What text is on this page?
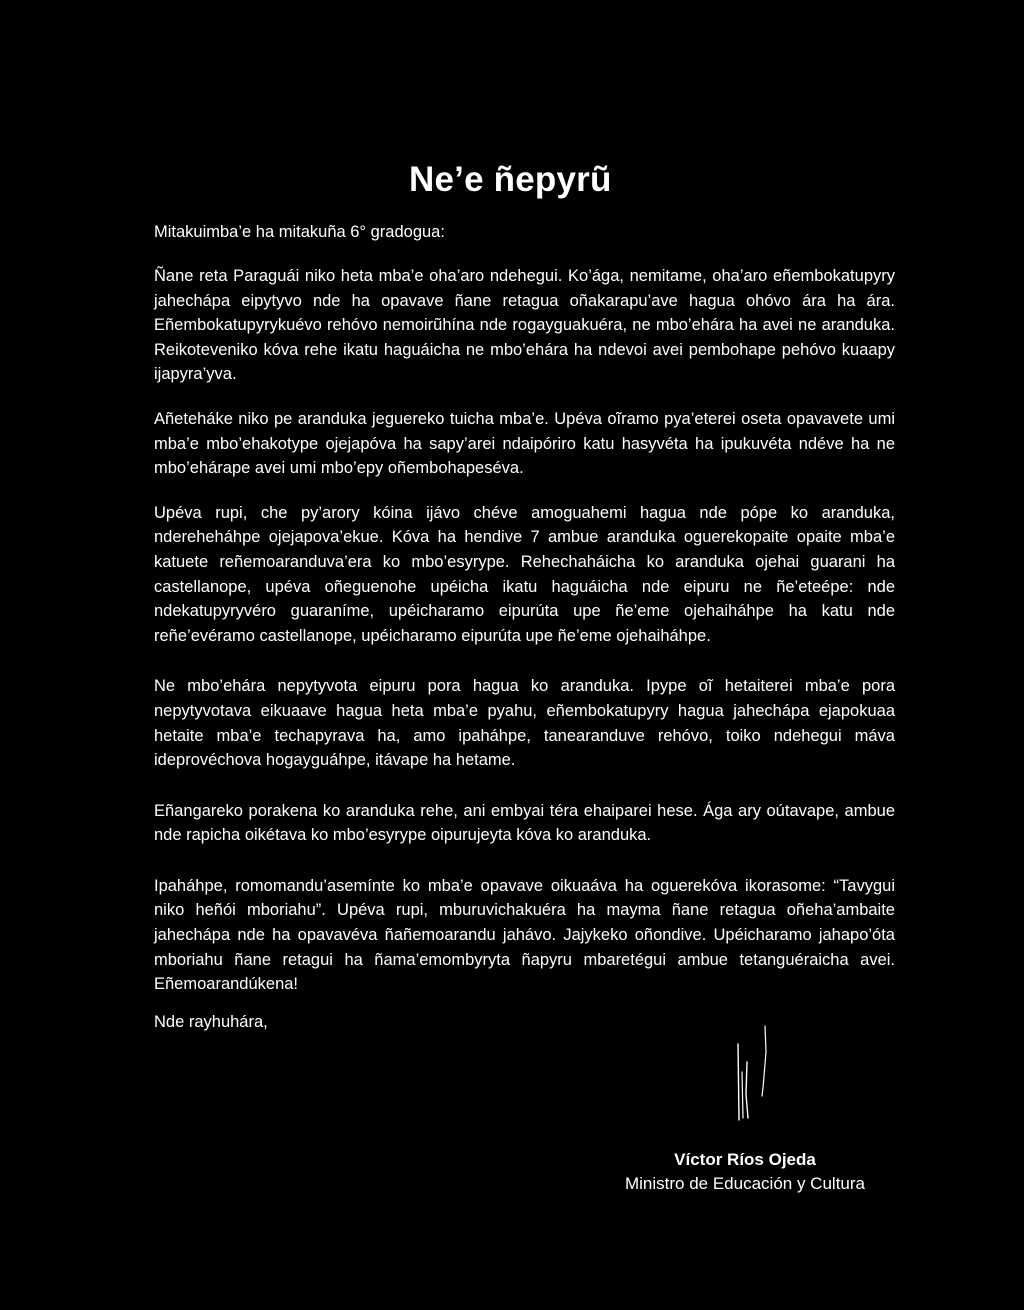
Ne’e ñepyrũ

Mitakuimba’e ha mitakuña 6° gradogua:

Ñane reta Paraguái niko heta mba’e oha’aro ndehegui. Ko’ága, nemitame, oha’aro eñembokatupyry jahechápa eipytyvo nde ha opavave ñane retagua oñakarapu’ave hagua ohóvo ára ha ára. Eñembokatupyrykuévo rehóvo nemoirũhína nde rogayguakuéra, ne mbo’ehára ha avei ne aranduka. Reikoteveniko kóva rehe ikatu haguáicha ne mbo’ehára ha ndevoi avei pembohape pehóvo kuaapy ijapyra’yva.

Añeteháke niko pe aranduka jeguereko tuicha mba’e. Upéva oĩramo pya’eterei oseta opavavete umi mba’e mbo’ehakotype ojejapóva ha sapy’arei ndaipóriro katu hasyvéta ha ipukuvéta ndéve ha ne mbo’ehárape avei umi mbo’epy oñembohapeséva.

Upéva rupi, che py’arory kóina ijávo chéve amoguahemi hagua nde pópe ko aranduka, ndereheháhpe ojejapova’ekue. Kóva ha hendive 7 ambue aranduka oguerekopaite opaite mba’e katuete reñemoaranduva’era ko mbo’esyrype. Rehechaháicha ko aranduka ojehai guarani ha castellanope, upéva oñeguenohe upéicha ikatu haguáicha nde eipuru ne ñe’eteépe: nde ndekatupyryvéro guaraníme, upéicharamo eipurúta upe ñe’eme ojehaiháhpe ha katu nde reñe’evéramo castellanope, upéicharamo eipurúta upe ñe’eme ojehaiháhpe.

Ne mbo’ehára nepytyvota eipuru pora hagua ko aranduka. Ipype oĩ hetaiterei mba’e pora nepytyvotava eikuaave hagua heta mba’e pyahu, eñembokatupyry hagua jahechápa ejapokuaa hetaite mba’e techapyrava ha, amo ipaháhpe, tanearanduve rehóvo, toiko ndehegui máva ideprovéchova hogayguáhpe, itávape ha hetame.

Eñangareko porakena ko aranduka rehe, ani embyai téra ehaiparei hese. Ága ary oútavape, ambue nde rapicha oikétava ko mbo’esyrype oipurujeyta kóva ko aranduka.

Ipaháhpe, romomandu’asemínte ko mba’e opavave oikuaáva ha oguerekóva ikorasome: “Tavygui niko heñói mboriahu”. Upéva rupi, mburuvichakuéra ha mayma ñane retagua oñeha’ambaite jahechápa nde ha opavavéva ñañemoarandu jahávo. Jajykeko oñondive. Upéicharamo jahapo’óta mboriahu ñane retagui ha ñama’emombyryta ñapyru mbaretégui ambue tetanguéraicha avei. Eñemoarandúkena!

Nde rayhuhára,

Víctor Ríos Ojeda

Ministro de Educación y Cultura
